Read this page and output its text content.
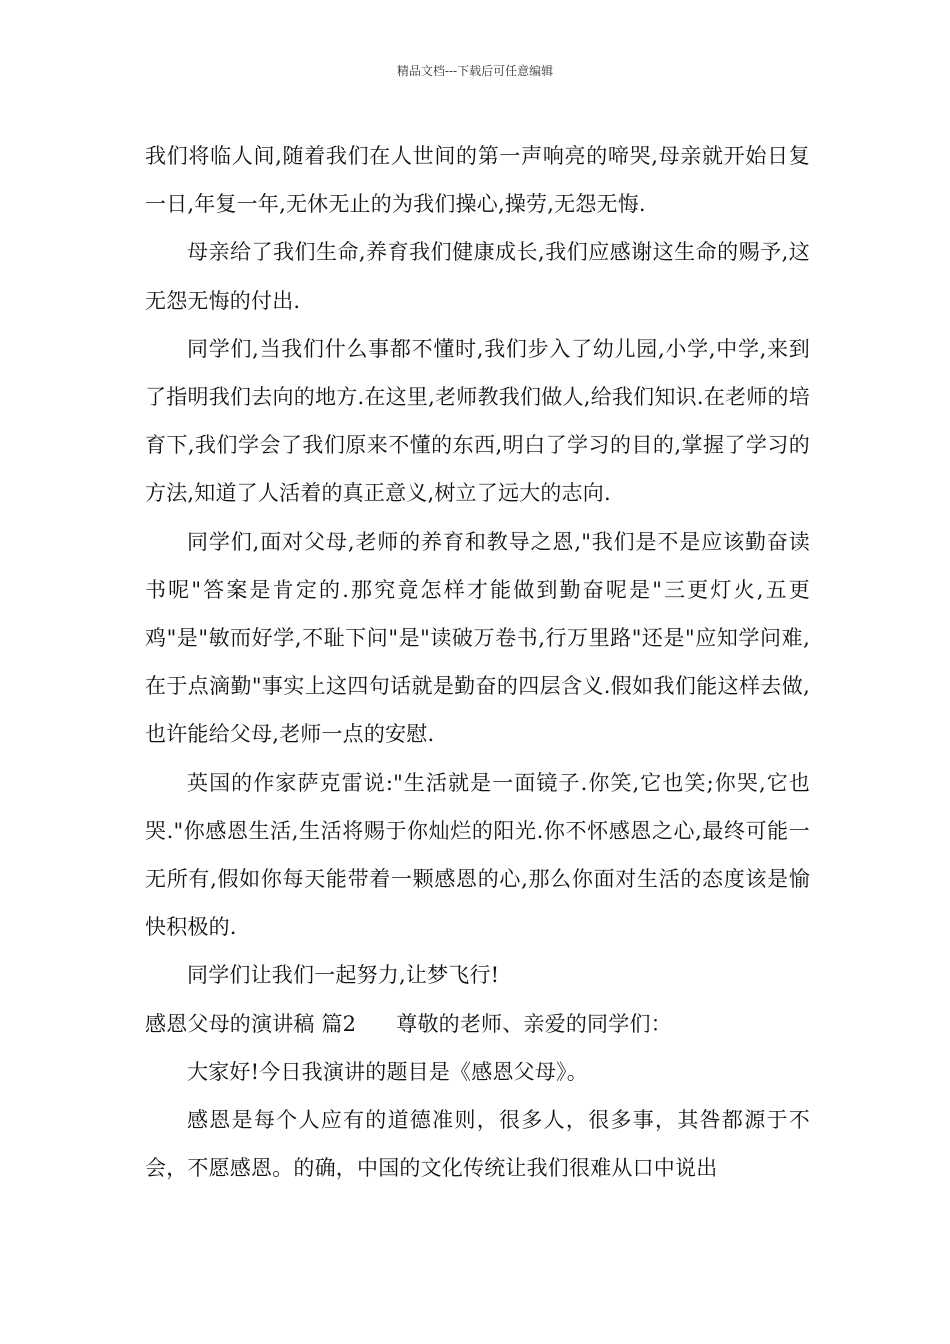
精品文档---下载后可任意编辑

我们将临人间,随着我们在人世间的第一声响亮的啼哭,母亲就开始日复一日,年复一年,无休无止的为我们操心,操劳,无怨无悔.

母亲给了我们生命,养育我们健康成长,我们应感谢这生命的赐予,这无怨无悔的付出.

同学们,当我们什么事都不懂时,我们步入了幼儿园,小学,中学,来到了指明我们去向的地方.在这里,老师教我们做人,给我们知识.在老师的培育下,我们学会了我们原来不懂的东西,明白了学习的目的,掌握了学习的方法,知道了人活着的真正意义,树立了远大的志向.

同学们,面对父母,老师的养育和教导之恩,"我们是不是应该勤奋读书呢"答案是肯定的.那究竟怎样才能做到勤奋呢是"三更灯火,五更鸡"是"敏而好学,不耻下问"是"读破万卷书,行万里路"还是"应知学问难,在于点滴勤"事实上这四句话就是勤奋的四层含义.假如我们能这样去做,也许能给父母,老师一点的安慰.

英国的作家萨克雷说:"生活就是一面镜子.你笑,它也笑;你哭,它也哭."你感恩生活,生活将赐于你灿烂的阳光.你不怀感恩之心,最终可能一无所有,假如你每天能带着一颗感恩的心,那么你面对生活的态度该是愉快积极的.

同学们让我们一起努力,让梦飞行!

感恩父母的演讲稿 篇2 尊敬的老师、亲爱的同学们：

大家好!今日我演讲的题目是《感恩父母》。

感恩是每个人应有的道德准则，很多人，很多事，其咎都源于不会，不愿感恩。的确，中国的文化传统让我们很难从口中说出
